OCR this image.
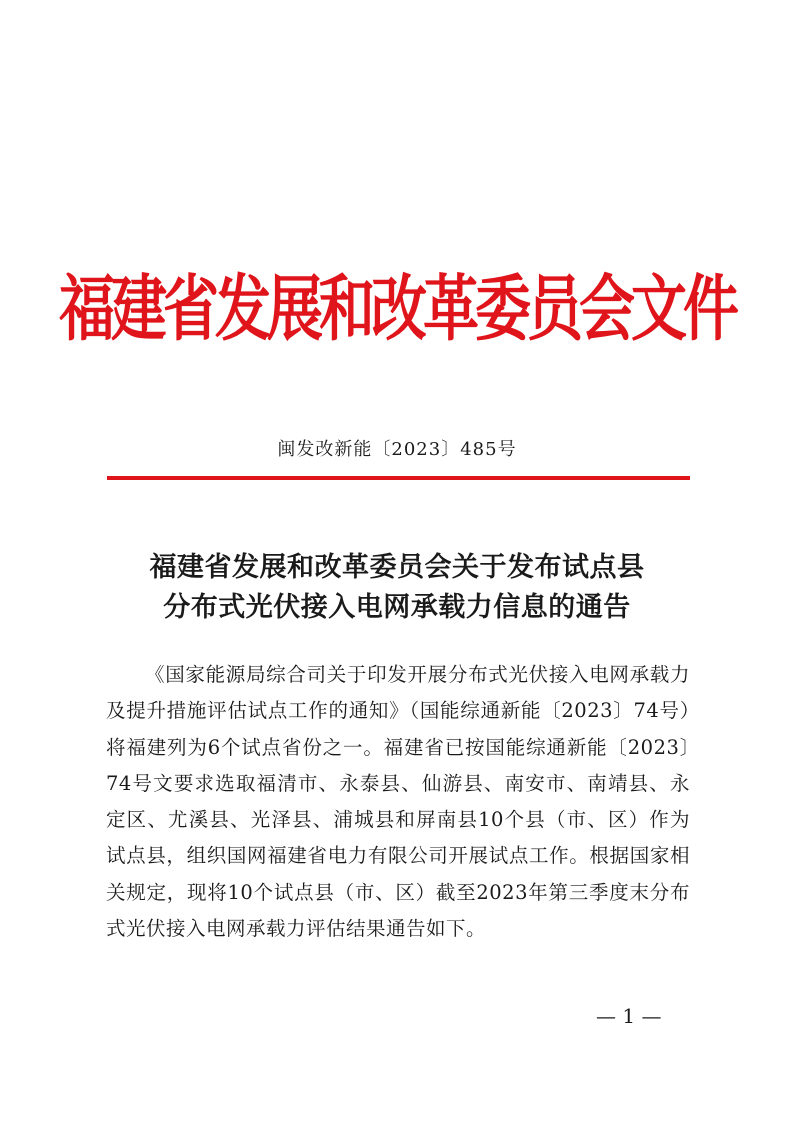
福建省发展和改革委员会文件
闽发改新能〔2023〕485号
福建省发展和改革委员会关于发布试点县
分布式光伏接入电网承载力信息的通告

《国家能源局综合司关于印发开展分布式光伏接入电网承载力及提升措施评估试点工作的通知》（国能综通新能〔2023〕74号）将福建列为6个试点省份之一。福建省已按国能综通新能〔2023〕74号文要求选取福清市、永泰县、仙游县、南安市、南靖县、永定区、尤溪县、光泽县、浦城县和屏南县10个县（市、区）作为试点县，组织国网福建省电力有限公司开展试点工作。根据国家相关规定，现将10个试点县（市、区）截至2023年第三季度末分布式光伏接入电网承载力评估结果通告如下。

— 1 —
